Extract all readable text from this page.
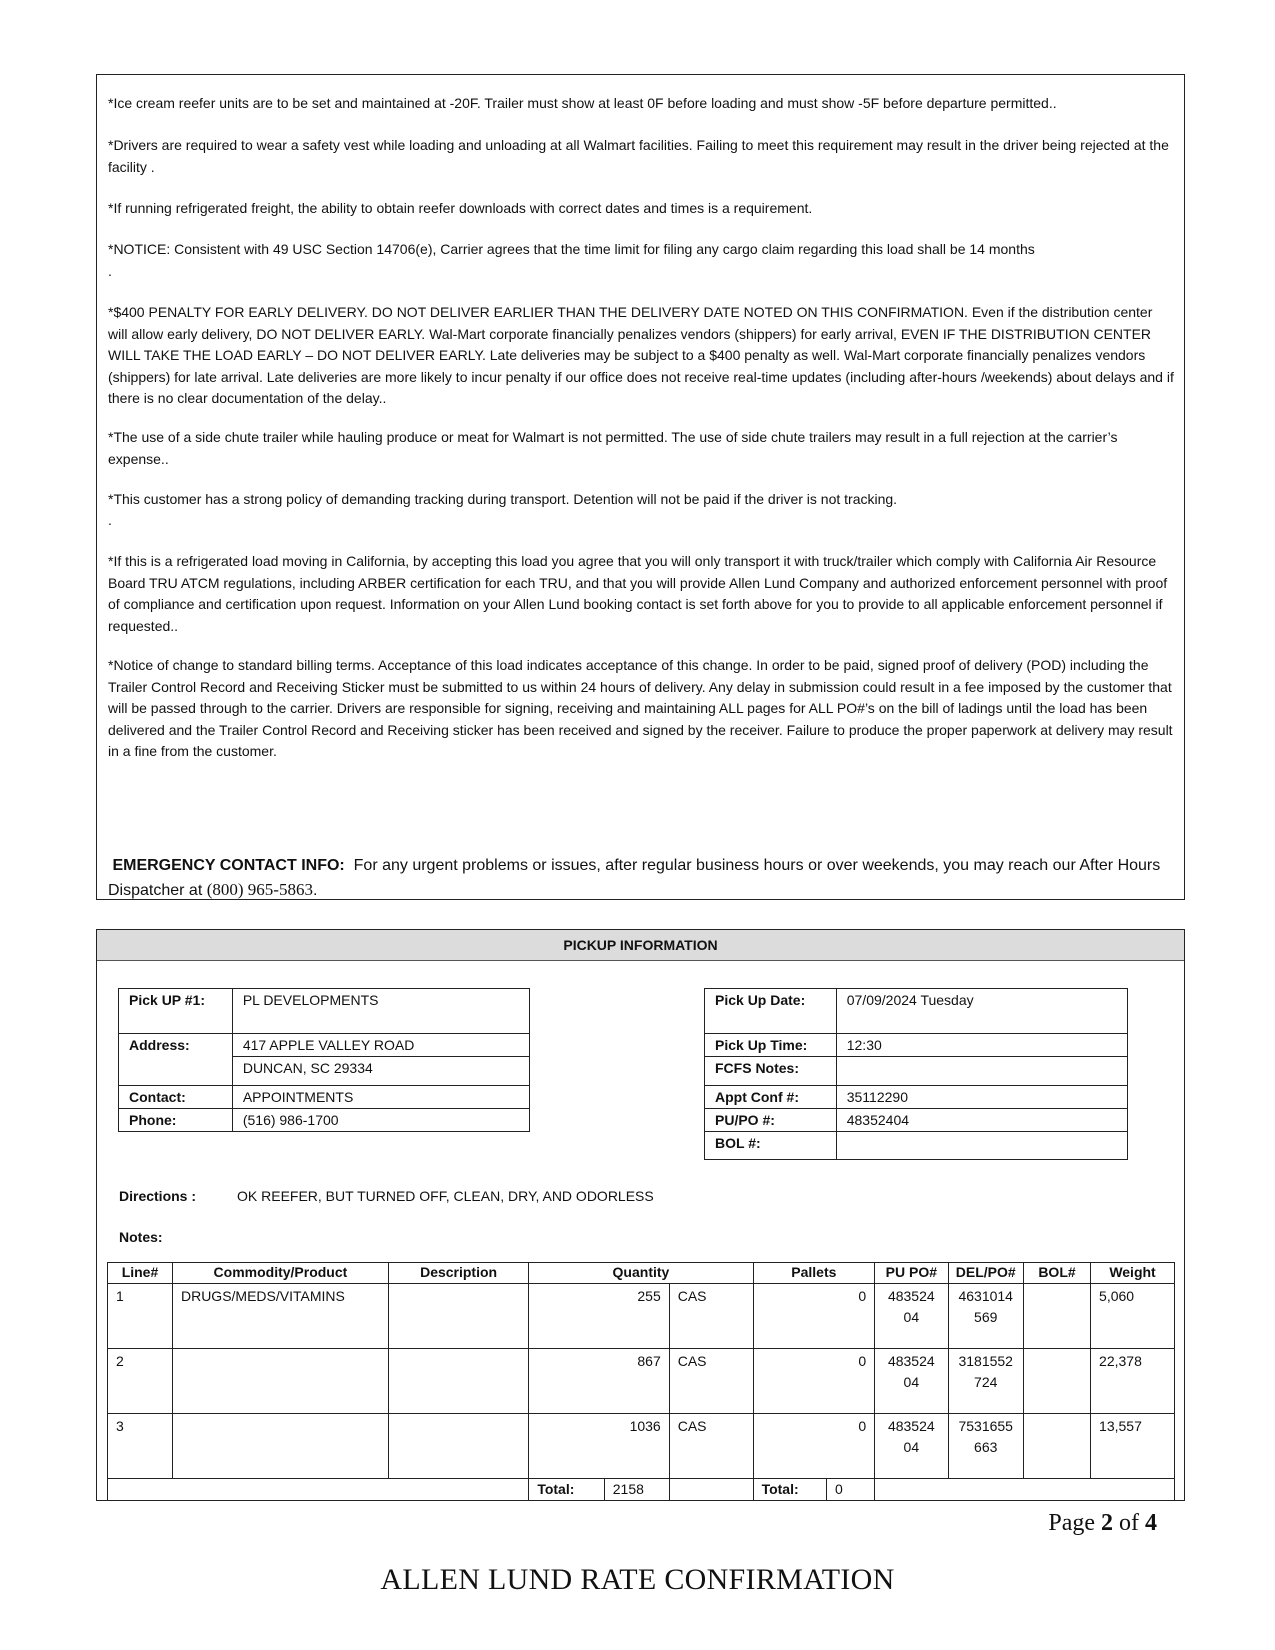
*Ice cream reefer units are to be set and maintained at -20F. Trailer must show at least 0F before loading and must show -5F before departure permitted..

*Drivers are required to wear a safety vest while loading and unloading at all Walmart facilities. Failing to meet this requirement may result in the driver being rejected at the facility .

*If running refrigerated freight, the ability to obtain reefer downloads with correct dates and times is a requirement.

*NOTICE: Consistent with 49 USC Section 14706(e), Carrier agrees that the time limit for filing any cargo claim regarding this load shall be 14 months

.

*$400 PENALTY FOR EARLY DELIVERY. DO NOT DELIVER EARLIER THAN THE DELIVERY DATE NOTED ON THIS CONFIRMATION. Even if the distribution center will allow early delivery, DO NOT DELIVER EARLY. Wal-Mart corporate financially penalizes vendors (shippers) for early arrival, EVEN IF THE DISTRIBUTION CENTER WILL TAKE THE LOAD EARLY – DO NOT DELIVER EARLY. Late deliveries may be subject to a $400 penalty as well. Wal-Mart corporate financially penalizes vendors (shippers) for late arrival. Late deliveries are more likely to incur penalty if our office does not receive real-time updates (including after-hours /weekends) about delays and if there is no clear documentation of the delay..

*The use of a side chute trailer while hauling produce or meat for Walmart is not permitted. The use of side chute trailers may result in a full rejection at the carrier’s expense..

*This customer has a strong policy of demanding tracking during transport. Detention will not be paid if the driver is not tracking.

.

*If this is a refrigerated load moving in California, by accepting this load you agree that you will only transport it with truck/trailer which comply with California Air Resource Board TRU ATCM regulations, including ARBER certification for each TRU, and that you will provide Allen Lund Company and authorized enforcement personnel with proof of compliance and certification upon request. Information on your Allen Lund booking contact is set forth above for you to provide to all applicable enforcement personnel if requested..

*Notice of change to standard billing terms. Acceptance of this load indicates acceptance of this change. In order to be paid, signed proof of delivery (POD) including the Trailer Control Record and Receiving Sticker must be submitted to us within 24 hours of delivery. Any delay in submission could result in a fee imposed by the customer that will be passed through to the carrier. Drivers are responsible for signing, receiving and maintaining ALL pages for ALL PO#’s on the bill of ladings until the load has been delivered and the Trailer Control Record and Receiving sticker has been received and signed by the receiver. Failure to produce the proper paperwork at delivery may result in a fine from the customer.

EMERGENCY CONTACT INFO: For any urgent problems or issues, after regular business hours or over weekends, you may reach our After Hours Dispatcher at (800) 965-5863.

PICKUP INFORMATION
Pick UP #1:	PL DEVELOPMENTS
Address:	417 APPLE VALLEY ROAD
	DUNCAN, SC 29334
Contact:	APPOINTMENTS
Phone:	(516) 986-1700
Pick Up Date:	07/09/2024 Tuesday
Pick Up Time:	12:30
FCFS Notes:	
Appt Conf #:	35112290
PU/PO #:	48352404
BOL #:	
Directions :	OK REEFER, BUT TURNED OFF, CLEAN, DRY, AND ODORLESS
Notes:
Line#	Commodity/Product	Description	Quantity			Pallets		PU PO#	DEL/PO#	BOL#	Weight
1	DRUGS/MEDS/VITAMINS		255		CAS	0		483524 04	4631014 569		5,060
2			867		CAS	0		483524 04	3181552 724		22,378
3			1036		CAS	0		483524 04	7531655 663		13,557
			Total:	2158		Total:	0				
Page 2 of 4
ALLEN LUND RATE CONFIRMATION
